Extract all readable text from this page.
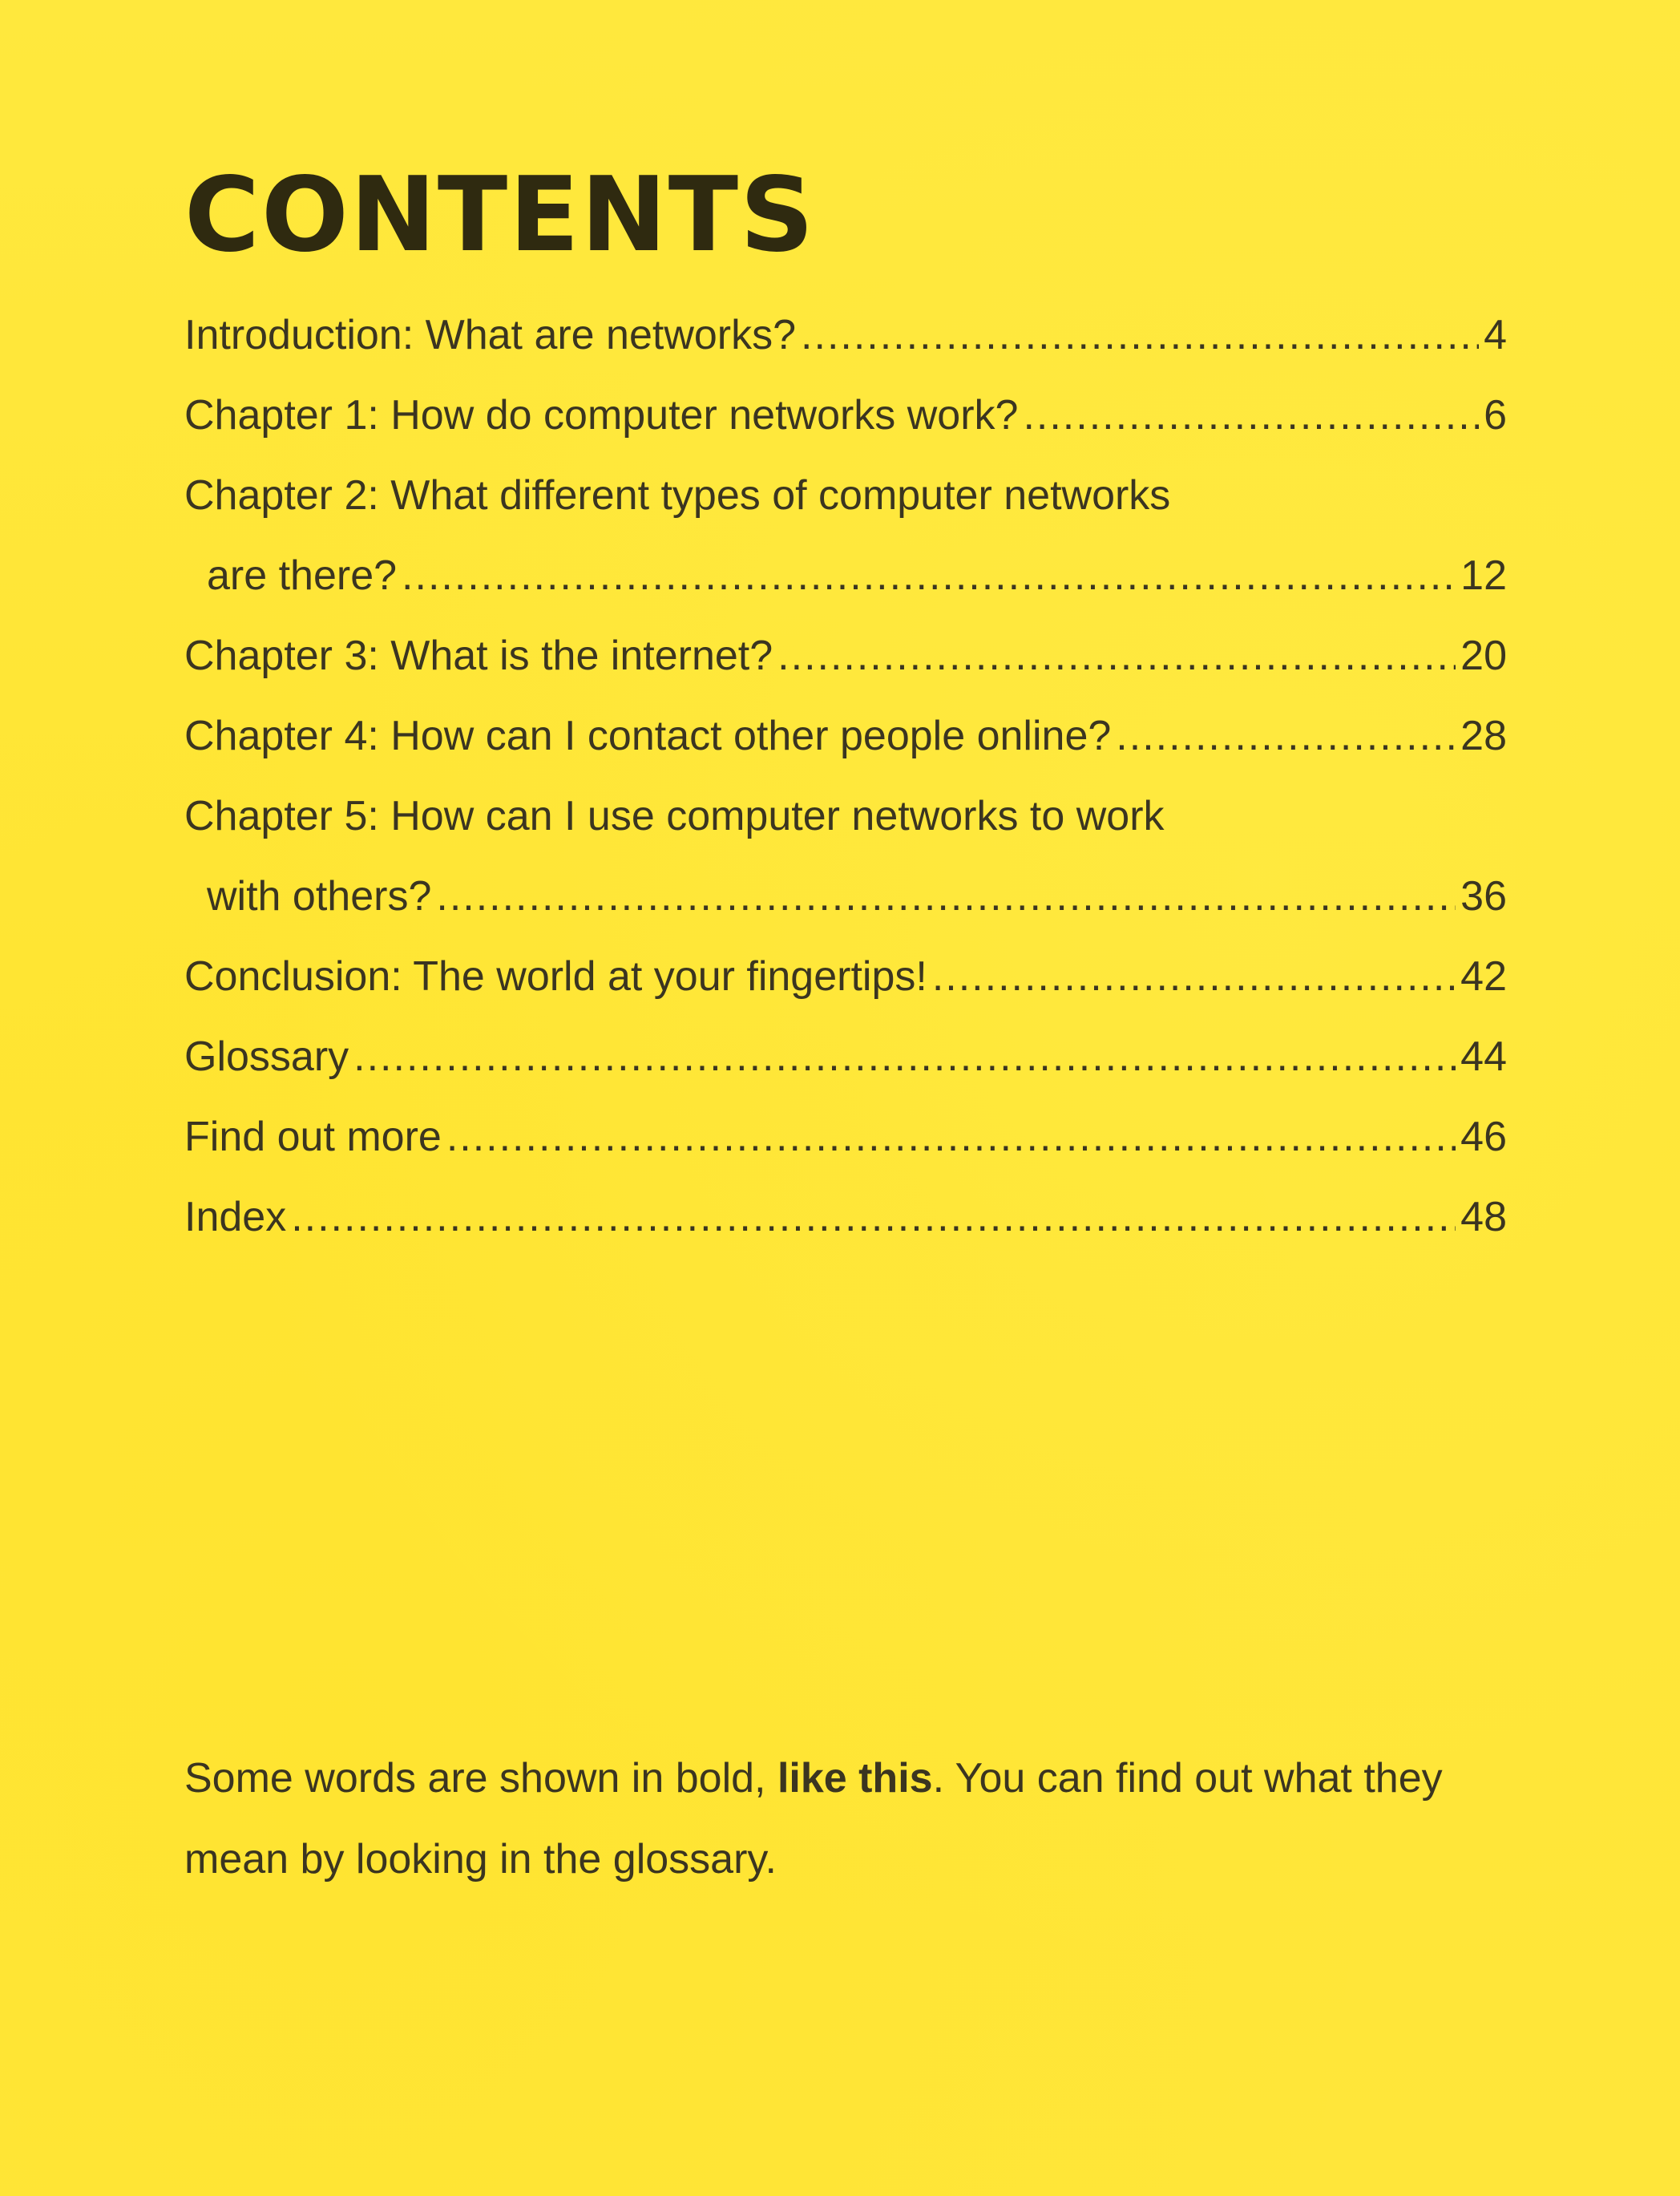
CONTENTS
Introduction: What are networks? .....	4
Chapter 1: How do computer networks work? .....	6
Chapter 2: What different types of computer networks
are there? .....	12
Chapter 3: What is the internet? .....	20
Chapter 4: How can I contact other people online? .....	28
Chapter 5: How can I use computer networks to work
with others? .....	36
Conclusion: The world at your fingertips! .....	42
Glossary .....	44
Find out more .....	46
Index .....	48

Some words are shown in bold, like this. You can find out what they mean by looking in the glossary.
